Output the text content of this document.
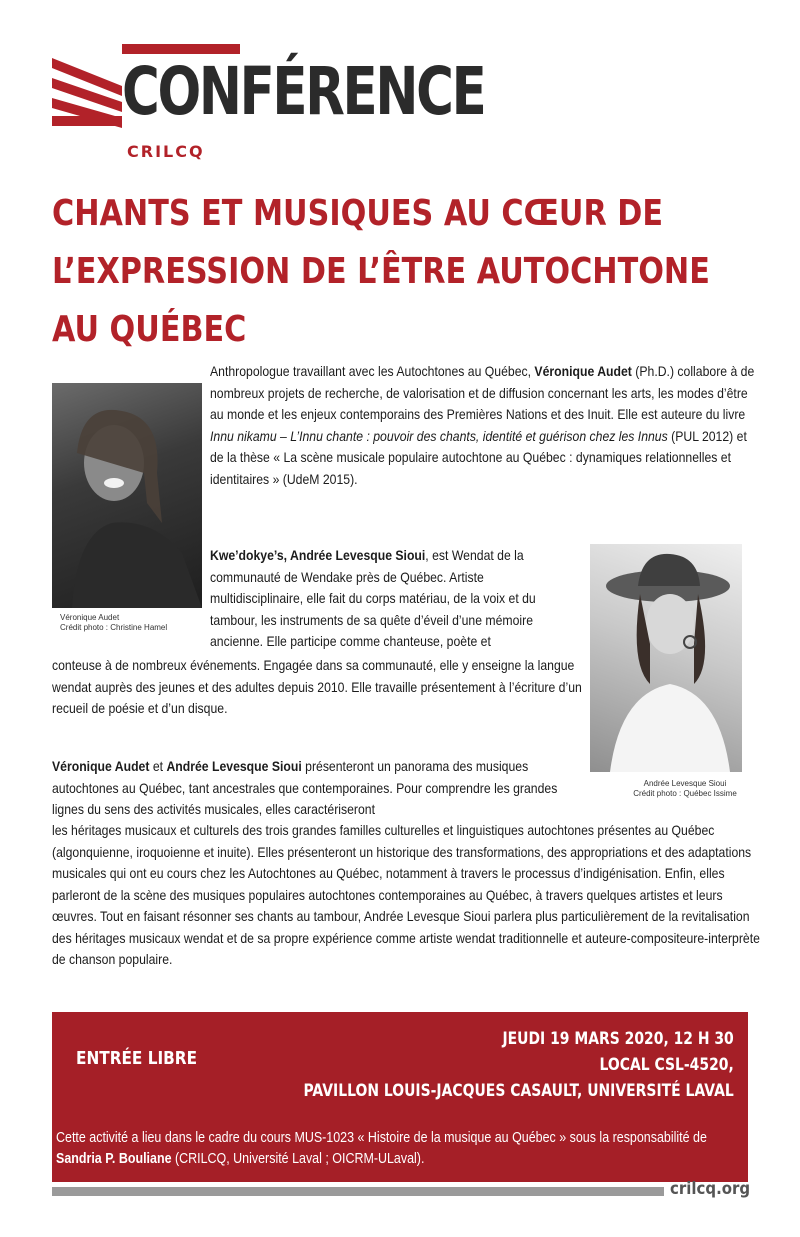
CONFÉRENCE
CRILCQ
CHANTS ET MUSIQUES AU CŒUR DE L’EXPRESSION DE L’ÊTRE AUTOCHTONE AU QUÉBEC
Véronique Audet
Crédit photo : Christine Hamel
Andrée Levesque Sioui
Crédit photo : Québec Issime

Anthropologue travaillant avec les Autochtones au Québec, Véronique Audet (Ph.D.) collabore à de nombreux projets de recherche, de valorisation et de diffusion concernant les arts, les modes d’être au monde et les enjeux contemporains des Premières Nations et des Inuit. Elle est auteure du livre Innu nikamu – L’Innu chante : pouvoir des chants, identité et guérison chez les Innus (PUL 2012) et de la thèse « La scène musicale populaire autochtone au Québec : dynamiques relationnelles et identitaires » (UdeM 2015).

Kwe’dokye’s, Andrée Levesque Sioui, est Wendat de la communauté de Wendake près de Québec. Artiste multidisciplinaire, elle fait du corps matériau, de la voix et du tambour, les instruments de sa quête d’éveil d’une mémoire ancienne. Elle participe comme chanteuse, poète et

conteuse à de nombreux événements. Engagée dans sa communauté, elle y enseigne la langue wendat auprès des jeunes et des adultes depuis 2010. Elle travaille présentement à l’écriture d’un recueil de poésie et d’un disque.

Véronique Audet et Andrée Levesque Sioui présenteront un panorama des musiques autochtones au Québec, tant ancestrales que contemporaines. Pour comprendre les grandes lignes du sens des activités musicales, elles caractériseront

les héritages musicaux et culturels des trois grandes familles culturelles et linguistiques autochtones présentes au Québec (algonquienne, iroquoienne et inuite). Elles présenteront un historique des transformations, des appropriations et des adaptations musicales qui ont eu cours chez les Autochtones au Québec, notamment à travers le processus d’indigénisation. Enfin, elles parleront de la scène des musiques populaires autochtones contemporaines au Québec, à travers quelques artistes et leurs œuvres. Tout en faisant résonner ses chants au tambour, Andrée Levesque Sioui parlera plus particulièrement de la revitalisation des héritages musicaux wendat et de sa propre expérience comme artiste wendat traditionnelle et auteure-compositeure-interprète de chanson populaire.

ENTRÉE LIBRE
JEUDI 19 MARS 2020, 12 H 30
LOCAL CSL-4520,
PAVILLON LOUIS-JACQUES CASAULT, UNIVERSITÉ LAVAL

Cette activité a lieu dans le cadre du cours MUS-1023 « Histoire de la musique au Québec » sous la responsabilité de Sandria P. Bouliane (CRILCQ, Université Laval ; OICRM-ULaval).

crilcq.org
